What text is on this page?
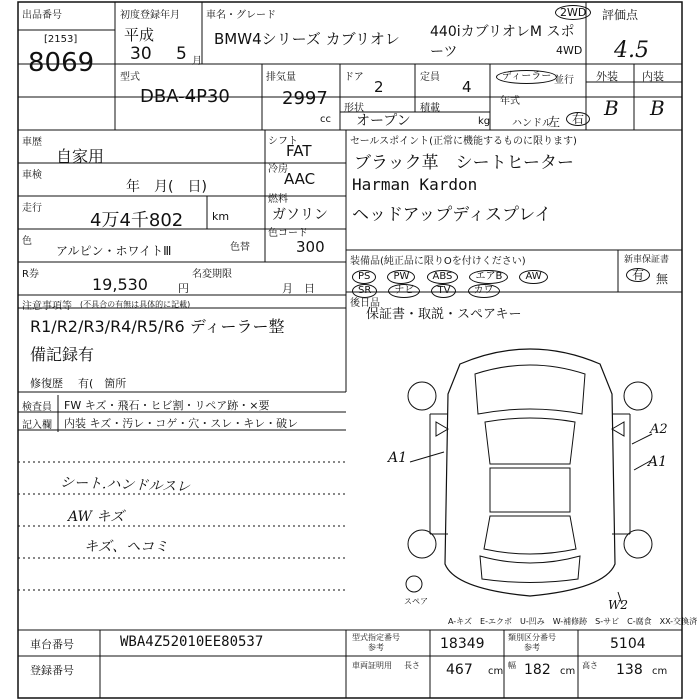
出品番号
[2153]
8069
初度登録年月
平成
30 5 月
車名・グレード
BMW4シリーズ カブリオレ 440iカブリオレM スポーツ
2WD
4WD
評価点
4.5
型式
DBA-4P30
排気量
2997
cc
ドア
2
定員
4
形状
オープン
積載
kg
ディーラー 並行
年式
ハンドル
左 右
外装 内装
B B
車歴
自家用
車検
年　月(　日)
走行
4万4千802	km
色
アルピン・ホワイトⅢ	色替
R券
19,530	円
名変期限
月　日
注意事項等 (不具合の有無は具体的に記載)
R1/R2/R3/R4/R5/R6 ディーラー整
備記録有
修復歴 有(　箇所
シフト
FAT
冷房
AAC
燃料
ガソリン
色コード
300
セールスポイント(正常に機能するものに限ります)
ブラック革　シートヒーター
Harman Kardon
ヘッドアップディスプレイ
装備品(純正品に限りOを付けください)
PS PW ABS エアB AW
SR ナビ TV カワ
新車保証書
有 無
後日品
保証書・取説・スペアキー
検査員
記入欄
FW キズ・飛石・ヒビ割・リペア跡・×要
内装 キズ・汚レ・コゲ・穴・スレ・キレ・破レ
シート.ハンドルスレ
AW キズ
キズ、ヘコミ
A1
A2
A1
W2
スペア
A-キズ　E-エクボ　U-凹み　W-補修跡　S-サビ　C-腐食　XX-交換済
車台番号	WBA4Z52010EE80537
登録番号
型式指定番号
参考	18349	類別区分番号
参考	5104
車両証明用 長さ 467 cm
幅 182 cm
高さ 138 cm
